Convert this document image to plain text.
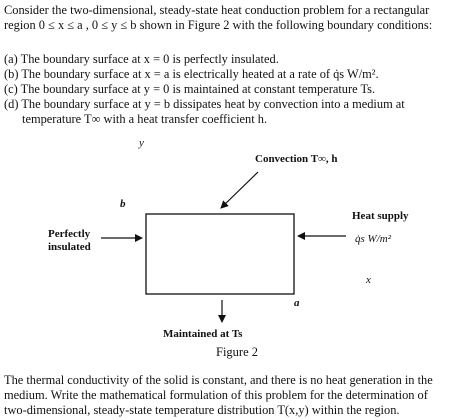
Consider the two-dimensional, steady-state heat conduction problem for a rectangular
region 0 ≤ x ≤ a , 0 ≤ y ≤ b shown in Figure 2 with the following boundary conditions:

(a) The boundary surface at x = 0 is perfectly insulated.
(b) The boundary surface at x = a is electrically heated at a rate of q̇s W/m².
(c) The boundary surface at y = 0 is maintained at constant temperature Ts.
(d) The boundary surface at y = b dissipates heat by convection into a medium at
temperature T∞ with a heat transfer coefficient h.
y
Convection T∞, h
b
Perfectly
insulated
Heat supply
q̇s W/m²
x
a
Maintained at Ts
Figure 2

The thermal conductivity of the solid is constant, and there is no heat generation in the
medium. Write the mathematical formulation of this problem for the determination of
two-dimensional, steady-state temperature distribution T(x,y) within the region.
